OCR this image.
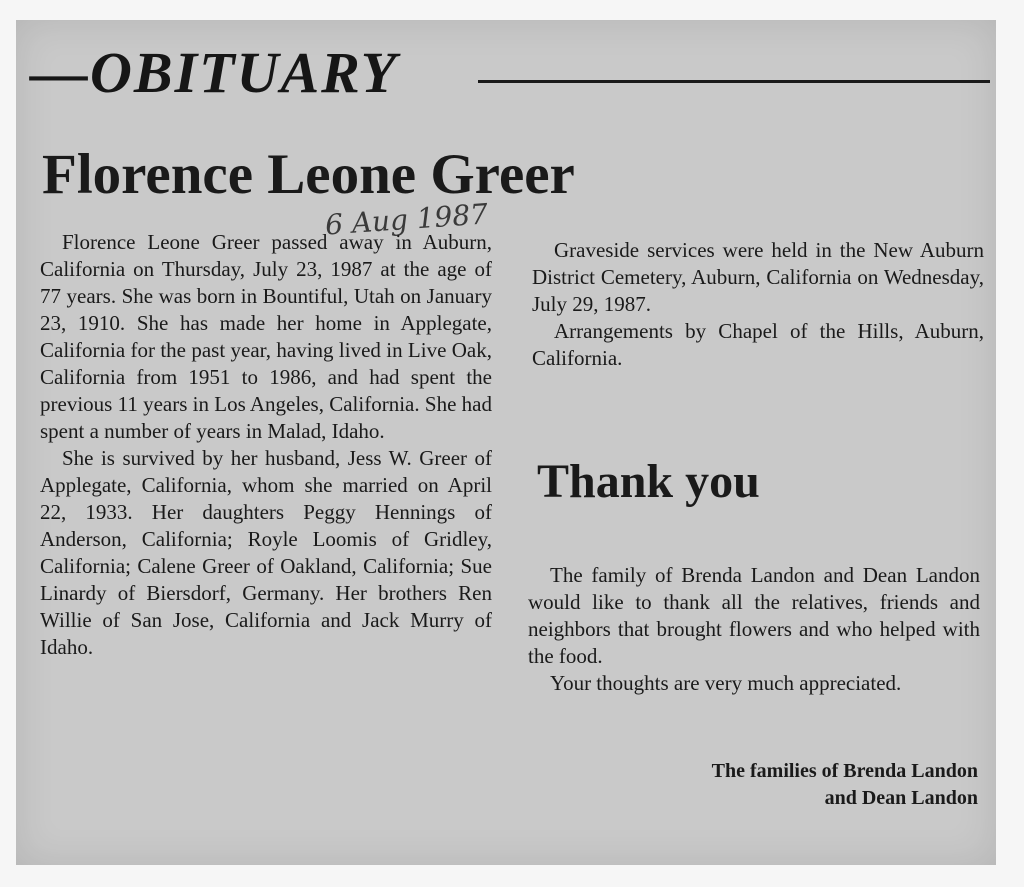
—OBITUARY
Florence Leone Greer
6 Aug 1987

Florence Leone Greer passed away in Auburn, California on Thursday, July 23, 1987 at the age of 77 years. She was born in Bountiful, Utah on January 23, 1910. She has made her home in Applegate, California for the past year, having lived in Live Oak, California from 1951 to 1986, and had spent the previous 11 years in Los Angeles, California. She had spent a number of years in Malad, Idaho.

She is survived by her husband, Jess W. Greer of Applegate, California, whom she married on April 22, 1933. Her daughters Peggy Hennings of Anderson, California; Royle Loomis of Gridley, California; Calene Greer of Oakland, California; Sue Linardy of Biersdorf, Germany. Her brothers Ren Willie of San Jose, California and Jack Murry of Idaho.

Graveside services were held in the New Auburn District Cemetery, Auburn, California on Wednesday, July 29, 1987.

Arrangements by Chapel of the Hills, Auburn, California.

Thank you

The family of Brenda Landon and Dean Landon would like to thank all the relatives, friends and neighbors that brought flowers and who helped with the food.

Your thoughts are very much appreciated.

The families of Brenda Landon
and Dean Landon
